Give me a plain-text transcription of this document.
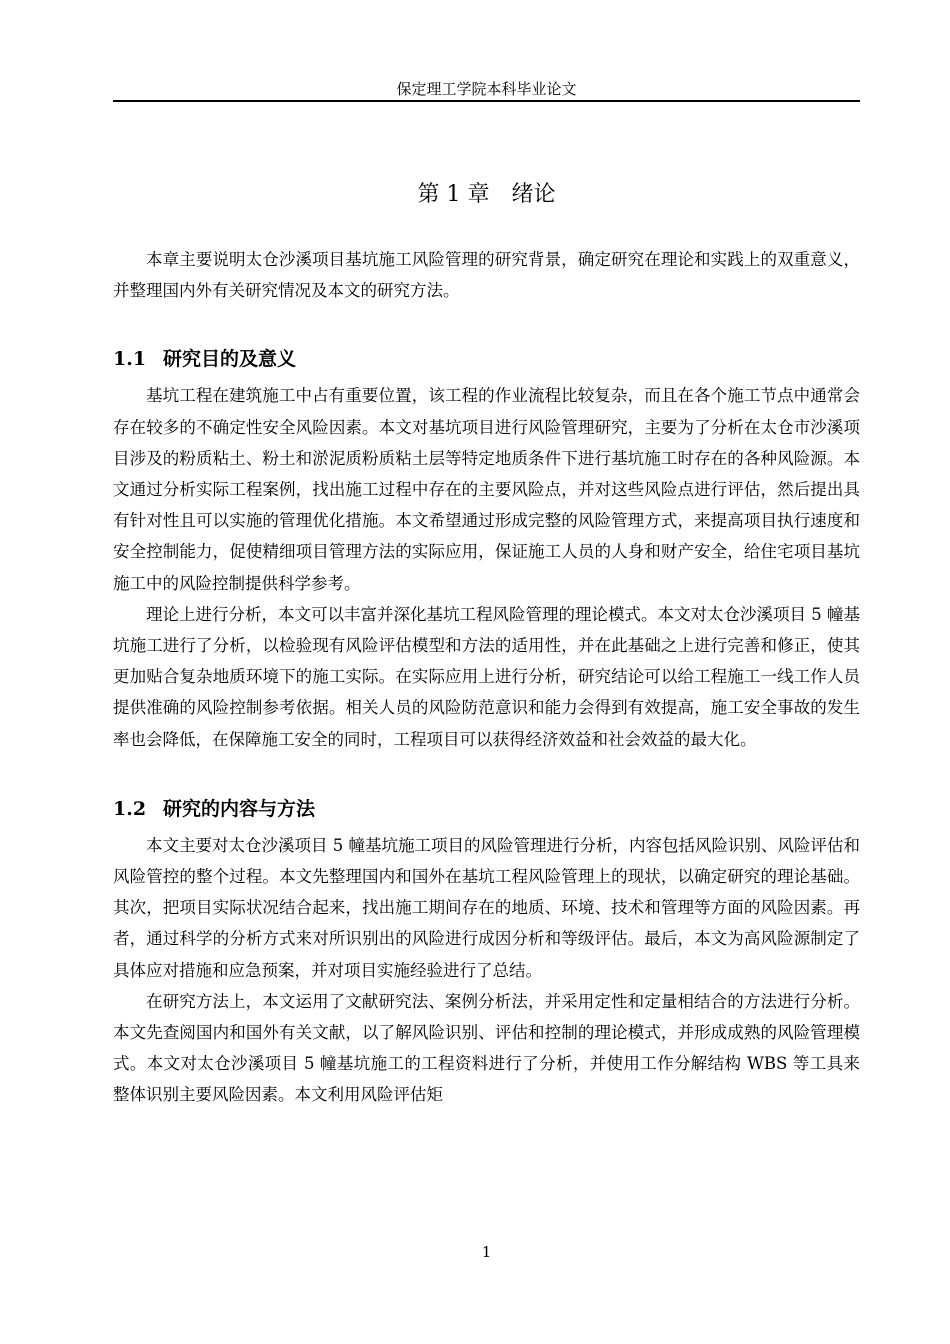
保定理工学院本科毕业论文
第 1 章 绪论

本章主要说明太仓沙溪项目基坑施工风险管理的研究背景，确定研究在理论和实践上的双重意义，并整理国内外有关研究情况及本文的研究方法。

1.1 研究目的及意义

基坑工程在建筑施工中占有重要位置，该工程的作业流程比较复杂，而且在各个施工节点中通常会存在较多的不确定性安全风险因素。本文对基坑项目进行风险管理研究，主要为了分析在太仓市沙溪项目涉及的粉质粘土、粉土和淤泥质粉质粘土层等特定地质条件下进行基坑施工时存在的各种风险源。本文通过分析实际工程案例，找出施工过程中存在的主要风险点，并对这些风险点进行评估，然后提出具有针对性且可以实施的管理优化措施。本文希望通过形成完整的风险管理方式，来提高项目执行速度和安全控制能力，促使精细项目管理方法的实际应用，保证施工人员的人身和财产安全，给住宅项目基坑施工中的风险控制提供科学参考。

理论上进行分析，本文可以丰富并深化基坑工程风险管理的理论模式。本文对太仓沙溪项目 5 幢基坑施工进行了分析，以检验现有风险评估模型和方法的适用性，并在此基础之上进行完善和修正，使其更加贴合复杂地质环境下的施工实际。在实际应用上进行分析，研究结论可以给工程施工一线工作人员提供准确的风险控制参考依据。相关人员的风险防范意识和能力会得到有效提高，施工安全事故的发生率也会降低，在保障施工安全的同时，工程项目可以获得经济效益和社会效益的最大化。

1.2 研究的内容与方法

本文主要对太仓沙溪项目 5 幢基坑施工项目的风险管理进行分析，内容包括风险识别、风险评估和风险管控的整个过程。本文先整理国内和国外在基坑工程风险管理上的现状，以确定研究的理论基础。其次，把项目实际状况结合起来，找出施工期间存在的地质、环境、技术和管理等方面的风险因素。再者，通过科学的分析方式来对所识别出的风险进行成因分析和等级评估。最后，本文为高风险源制定了具体应对措施和应急预案，并对项目实施经验进行了总结。

在研究方法上，本文运用了文献研究法、案例分析法，并采用定性和定量相结合的方法进行分析。本文先查阅国内和国外有关文献，以了解风险识别、评估和控制的理论模式，并形成成熟的风险管理模式。本文对太仓沙溪项目 5 幢基坑施工的工程资料进行了分析，并使用工作分解结构 WBS 等工具来整体识别主要风险因素。本文利用风险评估矩

1
